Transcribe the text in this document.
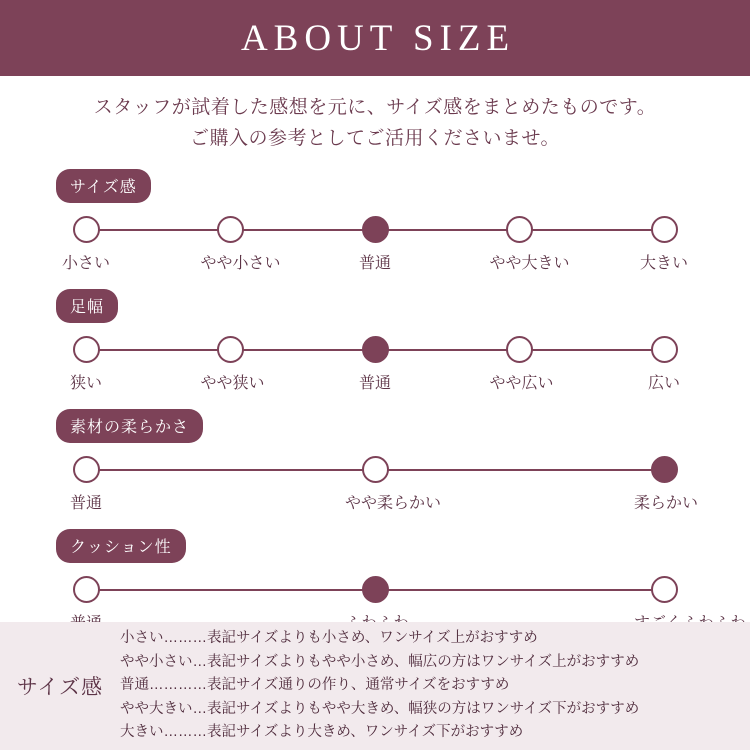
ABOUT SIZE
スタッフが試着した感想を元に、サイズ感をまとめたものです。
ご購入の参考としてご活用くださいませ。
サイズ感
小さい	やや小さい	普通	やや大きい	大きい
足幅
狭い	やや狭い	普通	やや広い	広い
素材の柔らかさ
普通	やや柔らかい	柔らかい
クッション性
サイズ感
小さい………表記サイズよりも小さめ、ワンサイズ上がおすすめ
やや小さい…表記サイズよりもやや小さめ、幅広の方はワンサイズ上がおすすめ
普通…………表記サイズ通りの作り、通常サイズをおすすめ
やや大きい…表記サイズよりもやや大きめ、幅狭の方はワンサイズ下がおすすめ
大きい………表記サイズより大きめ、ワンサイズ下がおすすめ
